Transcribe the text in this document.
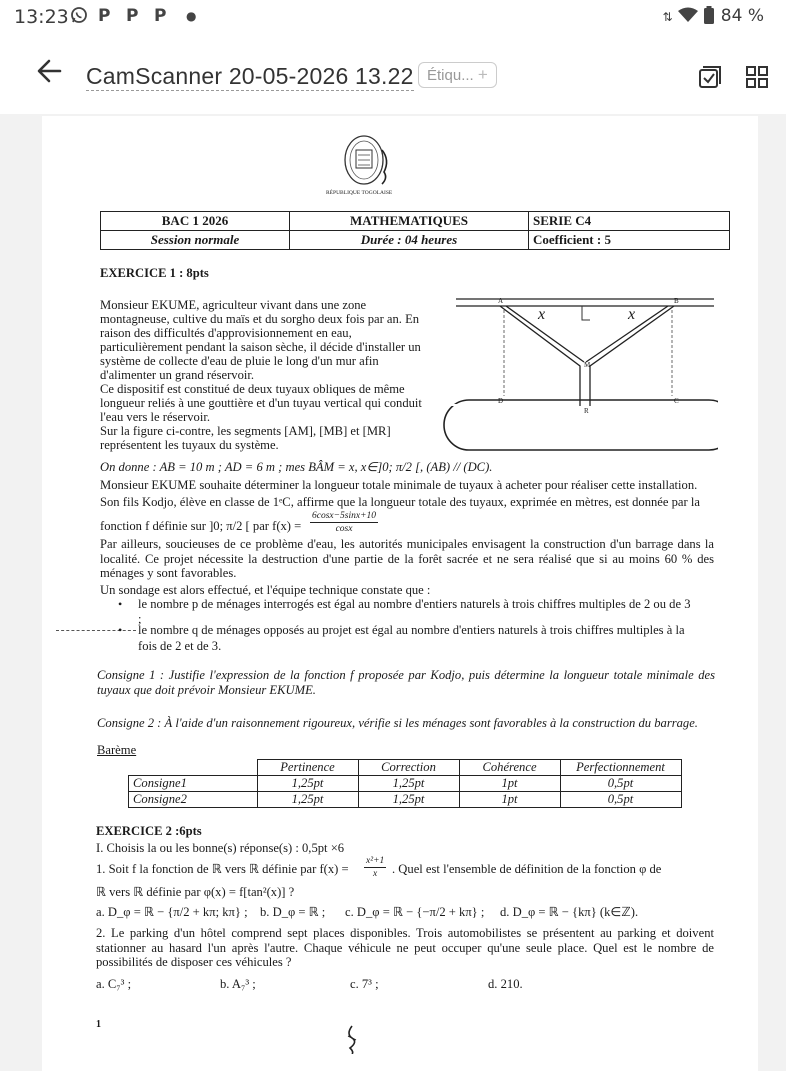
13:23 P P P ●	⇅	84 %
CamScanner 20-05-2026 13.22 Étiqu... +
RÉPUBLIQUE TOGOLAISE
BAC 1 2026	MATHEMATIQUES	SERIE C4
Session normale	Durée : 04 heures	Coefficient : 5
EXERCICE 1 : 8pts
Monsieur EKUME, agriculteur vivant dans une zone
montagneuse, cultive du maïs et du sorgho deux fois par an. En
raison des difficultés d'approvisionnement en eau,
particulièrement pendant la saison sèche, il décide d'installer un
système de collecte d'eau de pluie le long d'un mur afin
d'alimenter un grand réservoir.
Ce dispositif est constitué de deux tuyaux obliques de même
longueur reliés à une gouttière et d'un tuyau vertical qui conduit
l'eau vers le réservoir.
Sur la figure ci-contre, les segments [AM], [MB] et [MR]
représentent les tuyaux du système.
A	B
M
R
D	C
x	x
On donne : AB = 10 m ; AD = 6 m ; mes BÂM = x, x∈]0; π/2 [, (AB) // (DC).
Monsieur EKUME souhaite déterminer la longueur totale minimale de tuyaux à acheter pour réaliser cette installation.
Son fils Kodjo, élève en classe de 1ᵉC, affirme que la longueur totale des tuyaux, exprimée en mètres, est donnée par la
fonction f définie sur ]0; π/2 [ par $f(x) = \frac{6\cos x-5\sin x+10}{\cos x}$
Par ailleurs, soucieuses de ce problème d'eau, les autorités municipales envisagent la construction d'un barrage dans la localité. Ce projet nécessite la destruction d'une partie de la forêt sacrée et ne sera réalisé que si au moins 60 % des ménages y sont favorables.
Un sondage est alors effectué, et l'équipe technique constate que :
• le nombre p de ménages interrogés est égal au nombre d'entiers naturels à trois chiffres multiples de 2 ou de 3
;
• le nombre q de ménages opposés au projet est égal au nombre d'entiers naturels à trois chiffres multiples à la
fois de 2 et de 3.
Consigne 1 : Justifie l'expression de la fonction f proposée par Kodjo, puis détermine la longueur totale minimale des tuyaux que doit prévoir Monsieur EKUME.
Consigne 2 : À l'aide d'un raisonnement rigoureux, vérifie si les ménages sont favorables à la construction du barrage.
Barème
	Pertinence	Correction	Cohérence	Perfectionnement
Consigne1	1,25pt	1,25pt	1pt	0,5pt
Consigne2	1,25pt	1,25pt	1pt	0,5pt
EXERCICE 2 :6pts
I. Choisis la ou les bonne(s) réponse(s) : 0,5pt ×6
1. Soit f la fonction de ℝ vers ℝ définie par $f(x) = \frac{\text{x²+1}}{x}$ . Quel est l'ensemble de définition de la fonction φ de
ℝ vers ℝ définie par φ(x) = f[tan²(x)] ?
a. D_φ = ℝ − {π/2 + kπ; kπ} ; b. D_φ = ℝ ; c. D_φ = ℝ − {−π/2 + kπ} ; d. D_φ = ℝ − {kπ} (k∈ℤ).
2. Le parking d'un hôtel comprend sept places disponibles. Trois automobilistes se présentent au parking et doivent stationner au hasard l'un après l'autre. Chaque véhicule ne peut occuper qu'une seule place. Quel est le nombre de possibilités de disposer ces véhicules ?
a. C₇³ ;	b. A₇³ ;	c. 7³ ;	d. 210.
1
